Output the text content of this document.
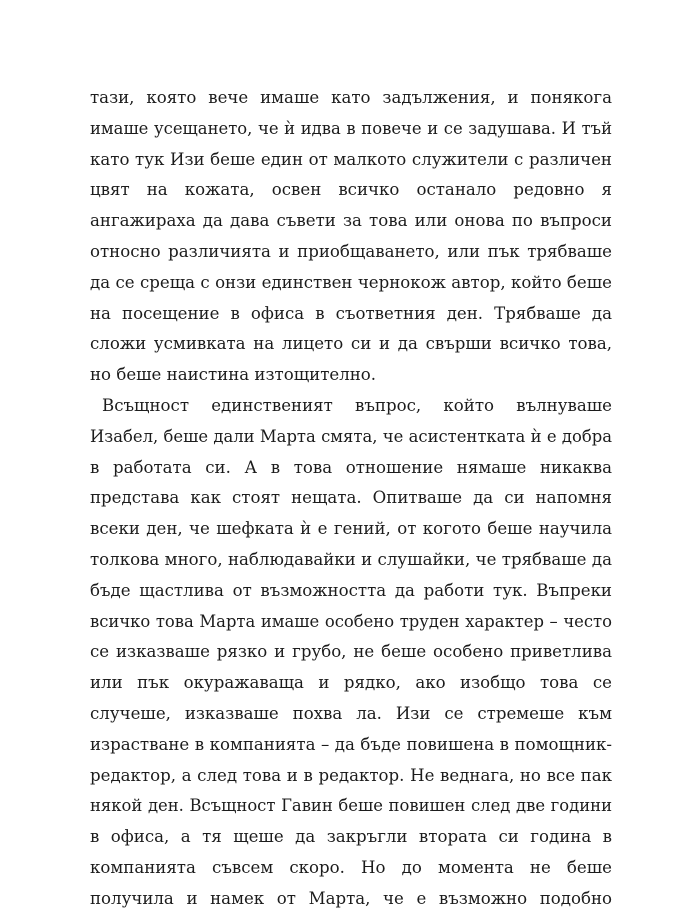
тази, която вече имаше като задължения, и понякога
имаше усещането, че ѝ идва в повече и се задушава. И тъй
като тук Изи беше един от малкото служители с различен
цвят на кожата, освен всичко останало редовно я
ангажираха да дава съвети за това или онова по въпроси
относно различията и приобщаването, или пък трябваше
да се среща с онзи единствен чернокож автор, който беше
на посещение в офиса в съответния ден. Трябваше да
сложи усмивката на лицето си и да свърши всичко това,
но беше наистина изтощително.
Всъщност единственият въпрос, който вълнуваше
Изабел, беше дали Марта смята, че асистентката ѝ е добра
в работата си. А в това отношение нямаше никаква
представа как стоят нещата. Опитваше да си напомня
всеки ден, че шефката ѝ е гений, от когото беше научила
толкова много, наблюдавайки и слушайки, че трябваше да
бъде щастлива от възможността да работи тук. Въпреки
всичко това Марта имаше особено труден характер – често
се изказваше рязко и грубо, не беше особено приветлива
или пък окуражаваща и рядко, ако изобщо това се
случеше, изказваше похва ла. Изи се стремеше към
израстване в компанията – да бъде повишена в помощник-
редактор, а след това и в редактор. Не веднага, но все пак
някой ден. Всъщност Гавин беше повишен след две години
в офиса, а тя щеше да закръгли втората си година в
компанията съвсем скоро. Но до момента не беше
получила и намек от Марта, че е възможно подобно
